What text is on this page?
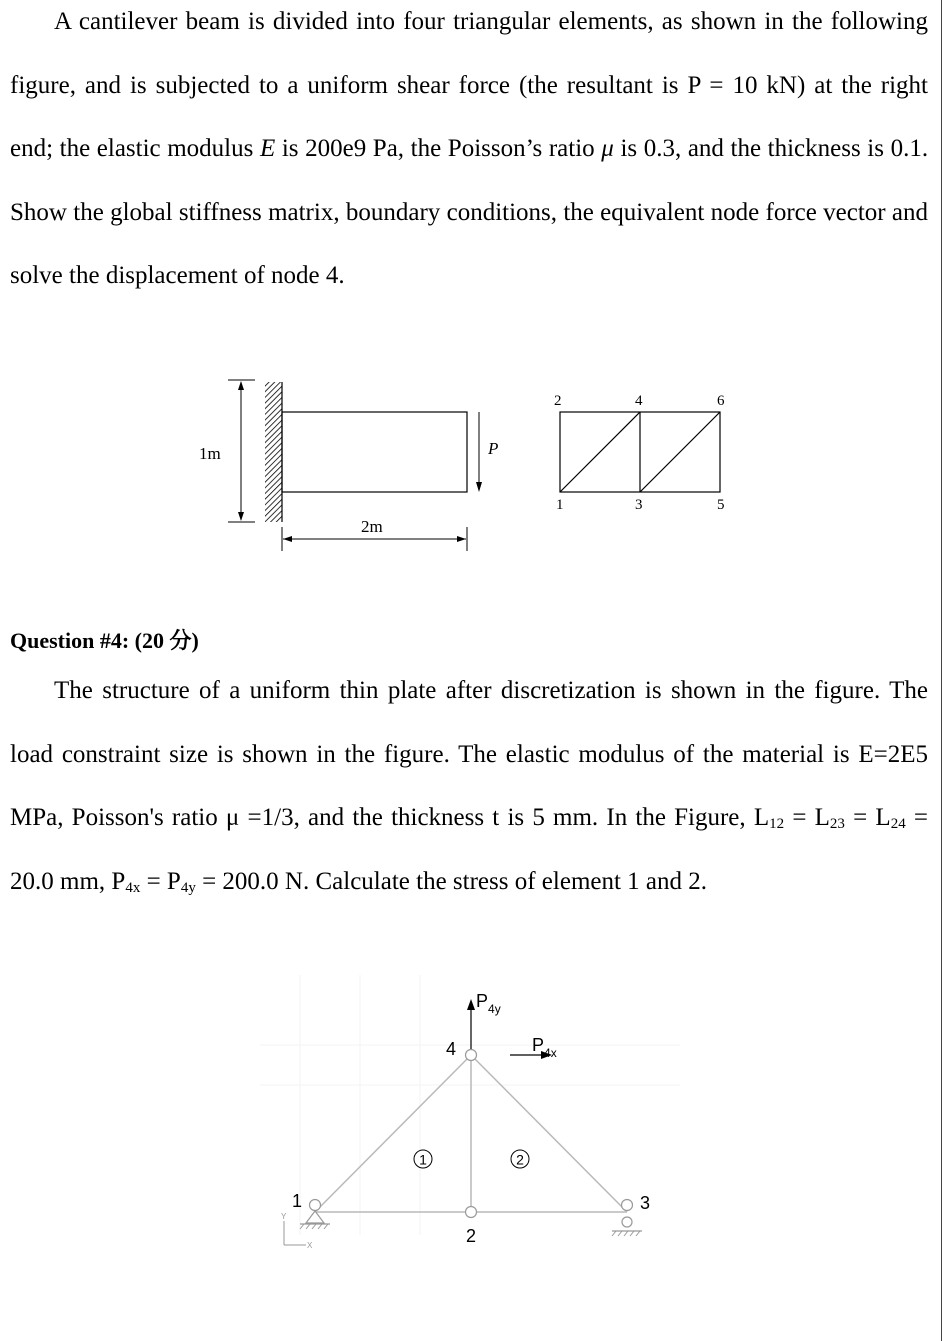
A cantilever beam is divided into four triangular elements, as shown in the following figure, and is subjected to a uniform shear force (the resultant is P = 10 kN) at the right end; the elastic modulus E is 200e9 Pa, the Poisson’s ratio μ is 0.3, and the thickness is 0.1. Show the global stiffness matrix, boundary conditions, the equivalent node force vector and solve the displacement of node 4.

1m	P
2m
2	4	6
1	3	5
Question #4: (20 分)

The structure of a uniform thin plate after discretization is shown in the figure. The load constraint size is shown in the figure. The elastic modulus of the material is E=2E5 MPa, Poisson's ratio μ =1/3, and the thickness t is 5 mm. In the Figure, $L_{12} = L_{23} = L_{24} = 20.0$ mm, $P_{4x} = P_{4y} = 200.0$ N. Calculate the stress of element 1 and 2.

Y
X
$P_{4y}$
$P_{4x}$
4
1
2
3
1	2
